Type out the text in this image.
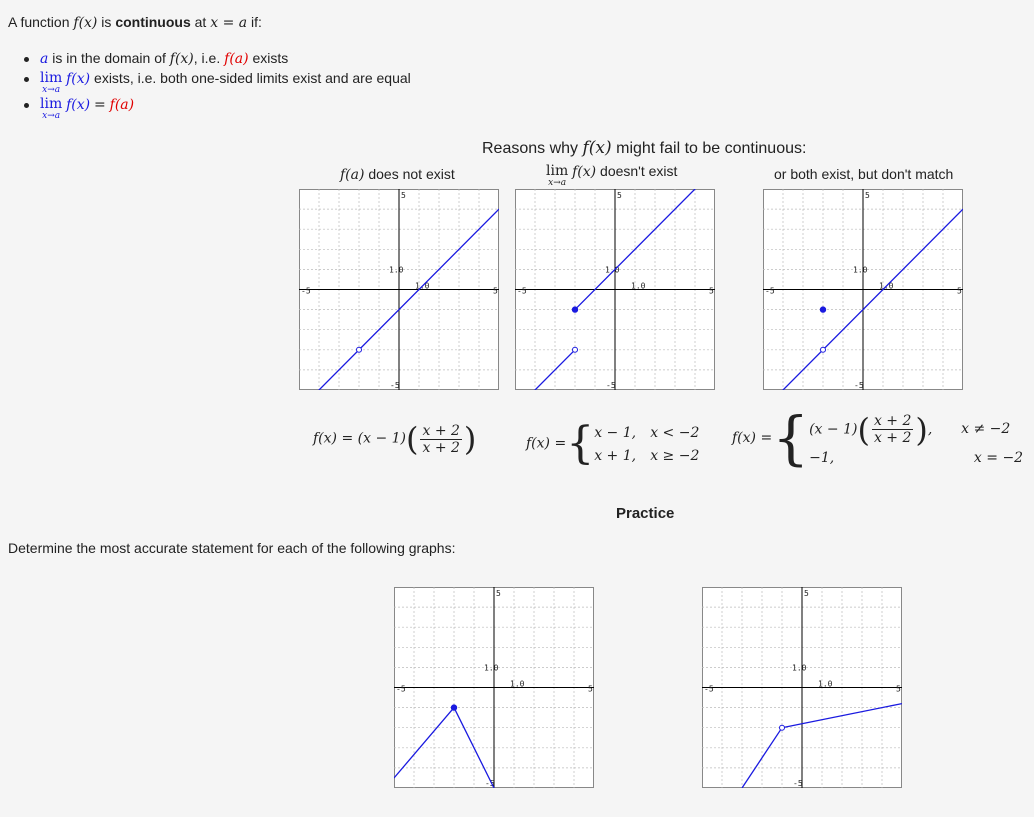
A function f(x) is continuous at x = a if:
a is in the domain of f(x), i.e. f(a) exists
lim
x→a
f(x) exists, i.e. both one-sided limits exist and are equal
lim
x→a
f(x) = f(a)
Reasons why f(x) might fail to be continuous:
f(a) does not exist	lim
x→a
f(x) doesn't exist	or both exist, but don't match
5
-5
-5	5
1.0
1.0
5
-5
-5	5
1.0
1.0
5
-5
-5	5
1.0
1.0
$f(x) = (x - 1)( \frac{x + 2}{x + 2}$ )	f(x) ={x − 1, x < −2
x + 1, x ≥ −2
f(x) ={ $(x - 1)( \frac{x + 2}{x + 2}$ ), x ≠ −2
−1,	x = −2
Practice
Determine the most accurate statement for each of the following graphs:
5
-5
-5	5
1.0
1.0
5
-5
-5	5
1.0
1.0
